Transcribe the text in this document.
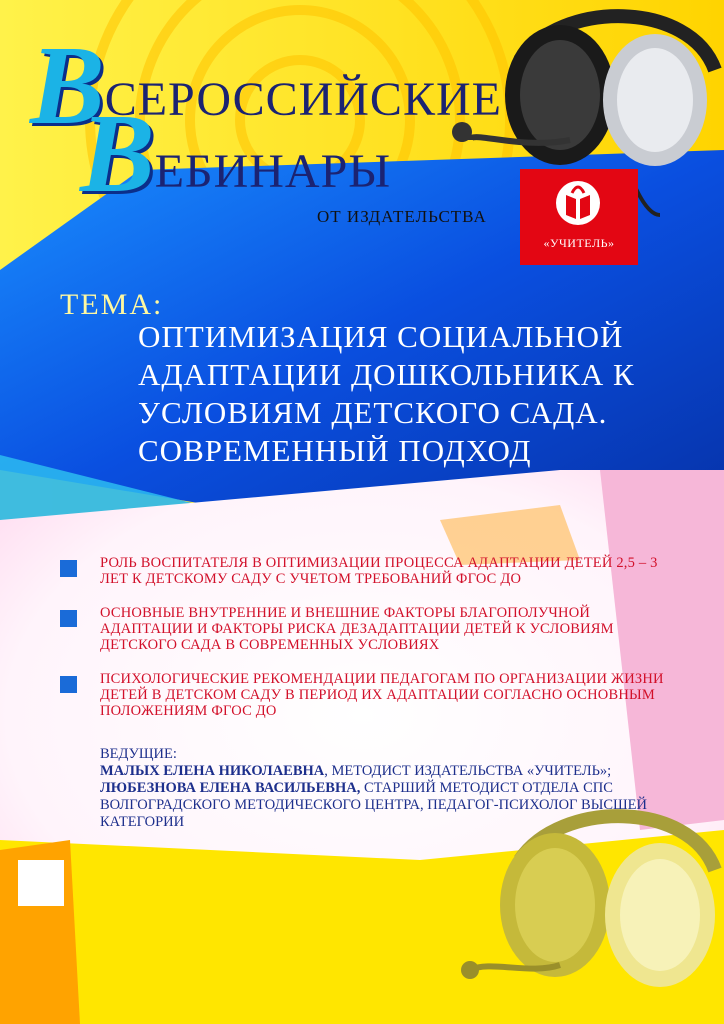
ВСЕРОССИЙСКИЕ
ВЕБИНАРЫ
ОТ ИЗДАТЕЛЬСТВА
«УЧИТЕЛЬ»
ТЕМА:
ОПТИМИЗАЦИЯ СОЦИАЛЬНОЙ АДАПТАЦИИ ДОШКОЛЬНИКА К УСЛОВИЯМ ДЕТСКОГО САДА. СОВРЕМЕННЫЙ ПОДХОД
РОЛЬ ВОСПИТАТЕЛЯ В ОПТИМИЗАЦИИ ПРОЦЕССА АДАПТАЦИИ ДЕТЕЙ 2,5 – 3 ЛЕТ К ДЕТСКОМУ САДУ С УЧЕТОМ ТРЕБОВАНИЙ ФГОС ДО
ОСНОВНЫЕ ВНУТРЕННИЕ И ВНЕШНИЕ ФАКТОРЫ БЛАГОПОЛУЧНОЙ АДАПТАЦИИ И ФАКТОРЫ РИСКА ДЕЗАДАПТАЦИИ ДЕТЕЙ К УСЛОВИЯМ ДЕТСКОГО САДА В СОВРЕМЕННЫХ УСЛОВИЯХ
ПСИХОЛОГИЧЕСКИЕ РЕКОМЕНДАЦИИ ПЕДАГОГАМ ПО ОРГАНИЗАЦИИ ЖИЗНИ ДЕТЕЙ В ДЕТСКОМ САДУ В ПЕРИОД ИХ АДАПТАЦИИ СОГЛАСНО ОСНОВНЫМ ПОЛОЖЕНИЯМ ФГОС ДО
ВЕДУЩИЕ:
МАЛЫХ ЕЛЕНА НИКОЛАЕВНА, МЕТОДИСТ ИЗДАТЕЛЬСТВА «УЧИТЕЛЬ»;
ЛЮБЕЗНОВА ЕЛЕНА ВАСИЛЬЕВНА, СТАРШИЙ МЕТОДИСТ ОТДЕЛА СПС ВОЛГОГРАДСКОГО МЕТОДИЧЕСКОГО ЦЕНТРА, ПЕДАГОГ-ПСИХОЛОГ ВЫСШЕЙ КАТЕГОРИИ
